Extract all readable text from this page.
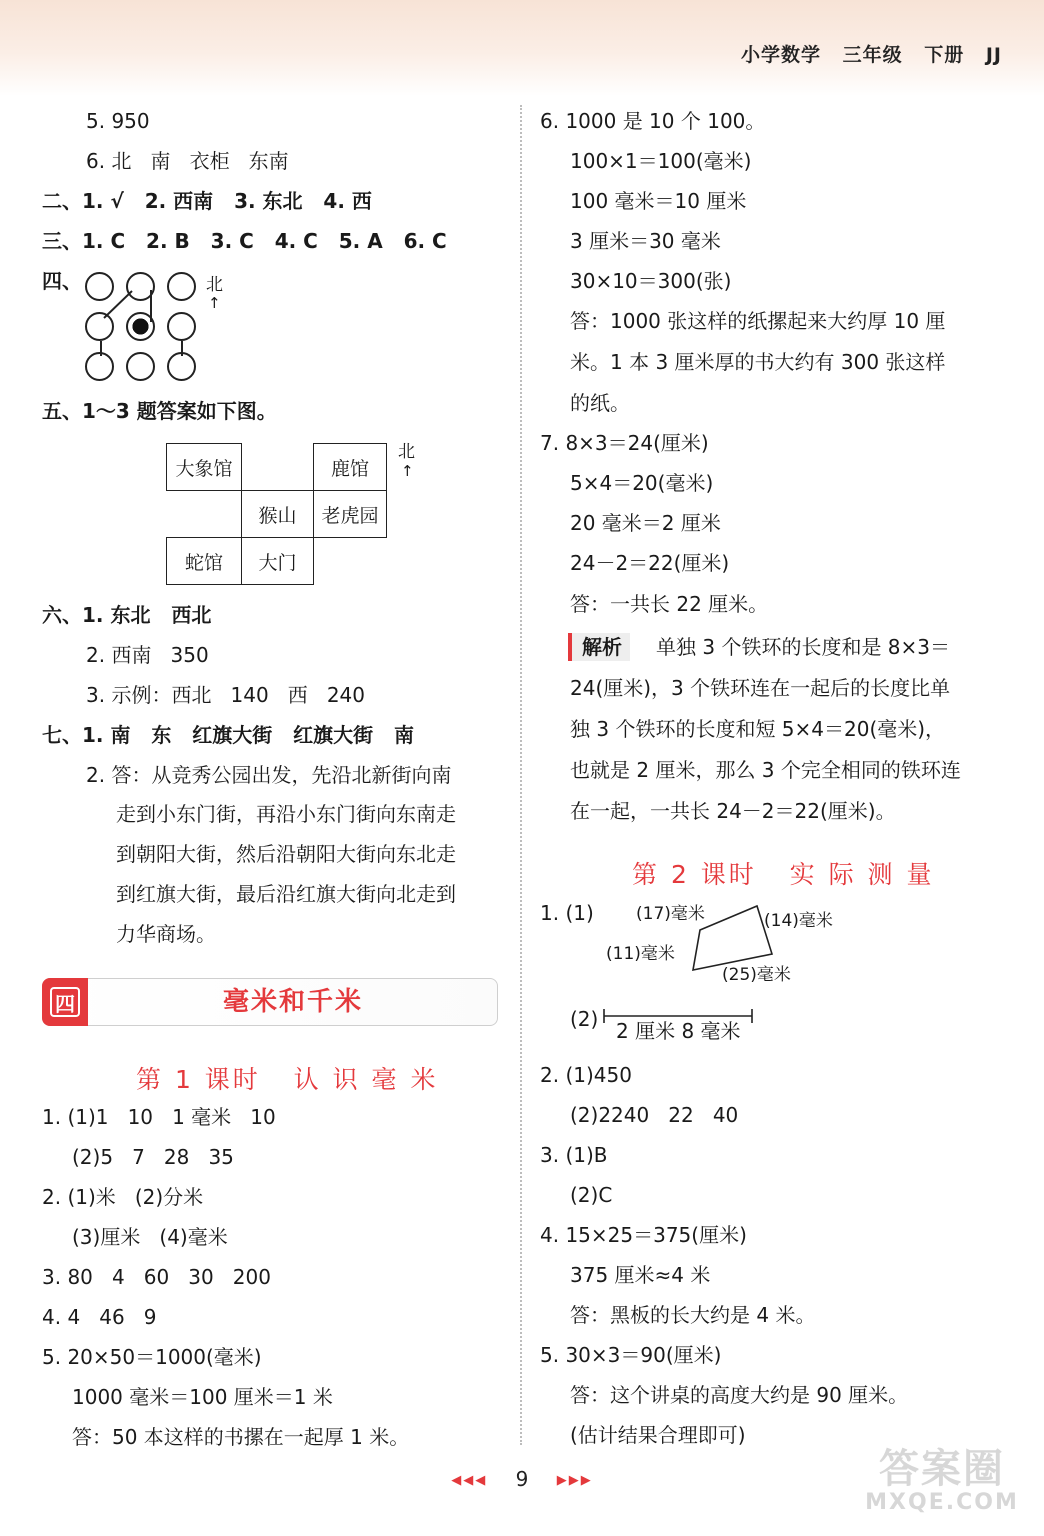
小学数学 三年级 下册 JJ
5. 950
6. 北   南   衣柜   东南
二、1. √   2. 西南   3. 东北   4. 西
三、1. C   2. B   3. C   4. C   5. A   6. C
四、	北
↑
五、1～3 题答案如下图。
大象馆	鹿馆
猴山	老虎园
蛇馆	大门
北
↑
六、1. 东北   西北
2. 西南   350
3. 示例：西北   140   西   240
七、1. 南   东   红旗大街   红旗大街   南
2. 答：从竞秀公园出发，先沿北新街向南
走到小东门街，再沿小东门街向东南走
到朝阳大街，然后沿朝阳大街向东北走
到红旗大街，最后沿红旗大街向北走到
力华商场。
四	毫米和千米
第 1 课时   认 识 毫 米
1. (1)1   10   1 毫米   10
(2)5   7   28   35
2. (1)米   (2)分米
(3)厘米   (4)毫米
3. 80   4   60   30   200
4. 4   46   9
5. 20×50＝1000(毫米)
1000 毫米＝100 厘米＝1 米
答：50 本这样的书摞在一起厚 1 米。
6. 1000 是 10 个 100。
100×1＝100(毫米)
100 毫米＝10 厘米
3 厘米＝30 毫米
30×10＝300(张)
答：1000 张这样的纸摞起来大约厚 10 厘
米。1 本 3 厘米厚的书大约有 300 张这样
的纸。
7. 8×3＝24(厘米)
5×4＝20(毫米)
20 毫米＝2 厘米
24－2＝22(厘米)
答：一共长 22 厘米。
解析	单独 3 个铁环的长度和是 8×3＝
24(厘米)，3 个铁环连在一起后的长度比单
独 3 个铁环的长度和短 5×4＝20(毫米)，
也就是 2 厘米，那么 3 个完全相同的铁环连
在一起，一共长 24－2＝22(厘米)。
第 2 课时   实 际 测 量
1. (1) (17)毫米	(14)毫米
(11)毫米
(25)毫米
(2) 2 厘米 8 毫米
2. (1)450
(2)2240   22   40
3. (1)B
(2)C
4. 15×25＝375(厘米)
375 厘米≈4 米
答：黑板的长大约是 4 米。
5. 30×3＝90(厘米)
答：这个讲桌的高度大约是 90 厘米。
(估计结果合理即可)
◀◀◀ 9 ▶▶▶	答案圈
MXQE.COM
